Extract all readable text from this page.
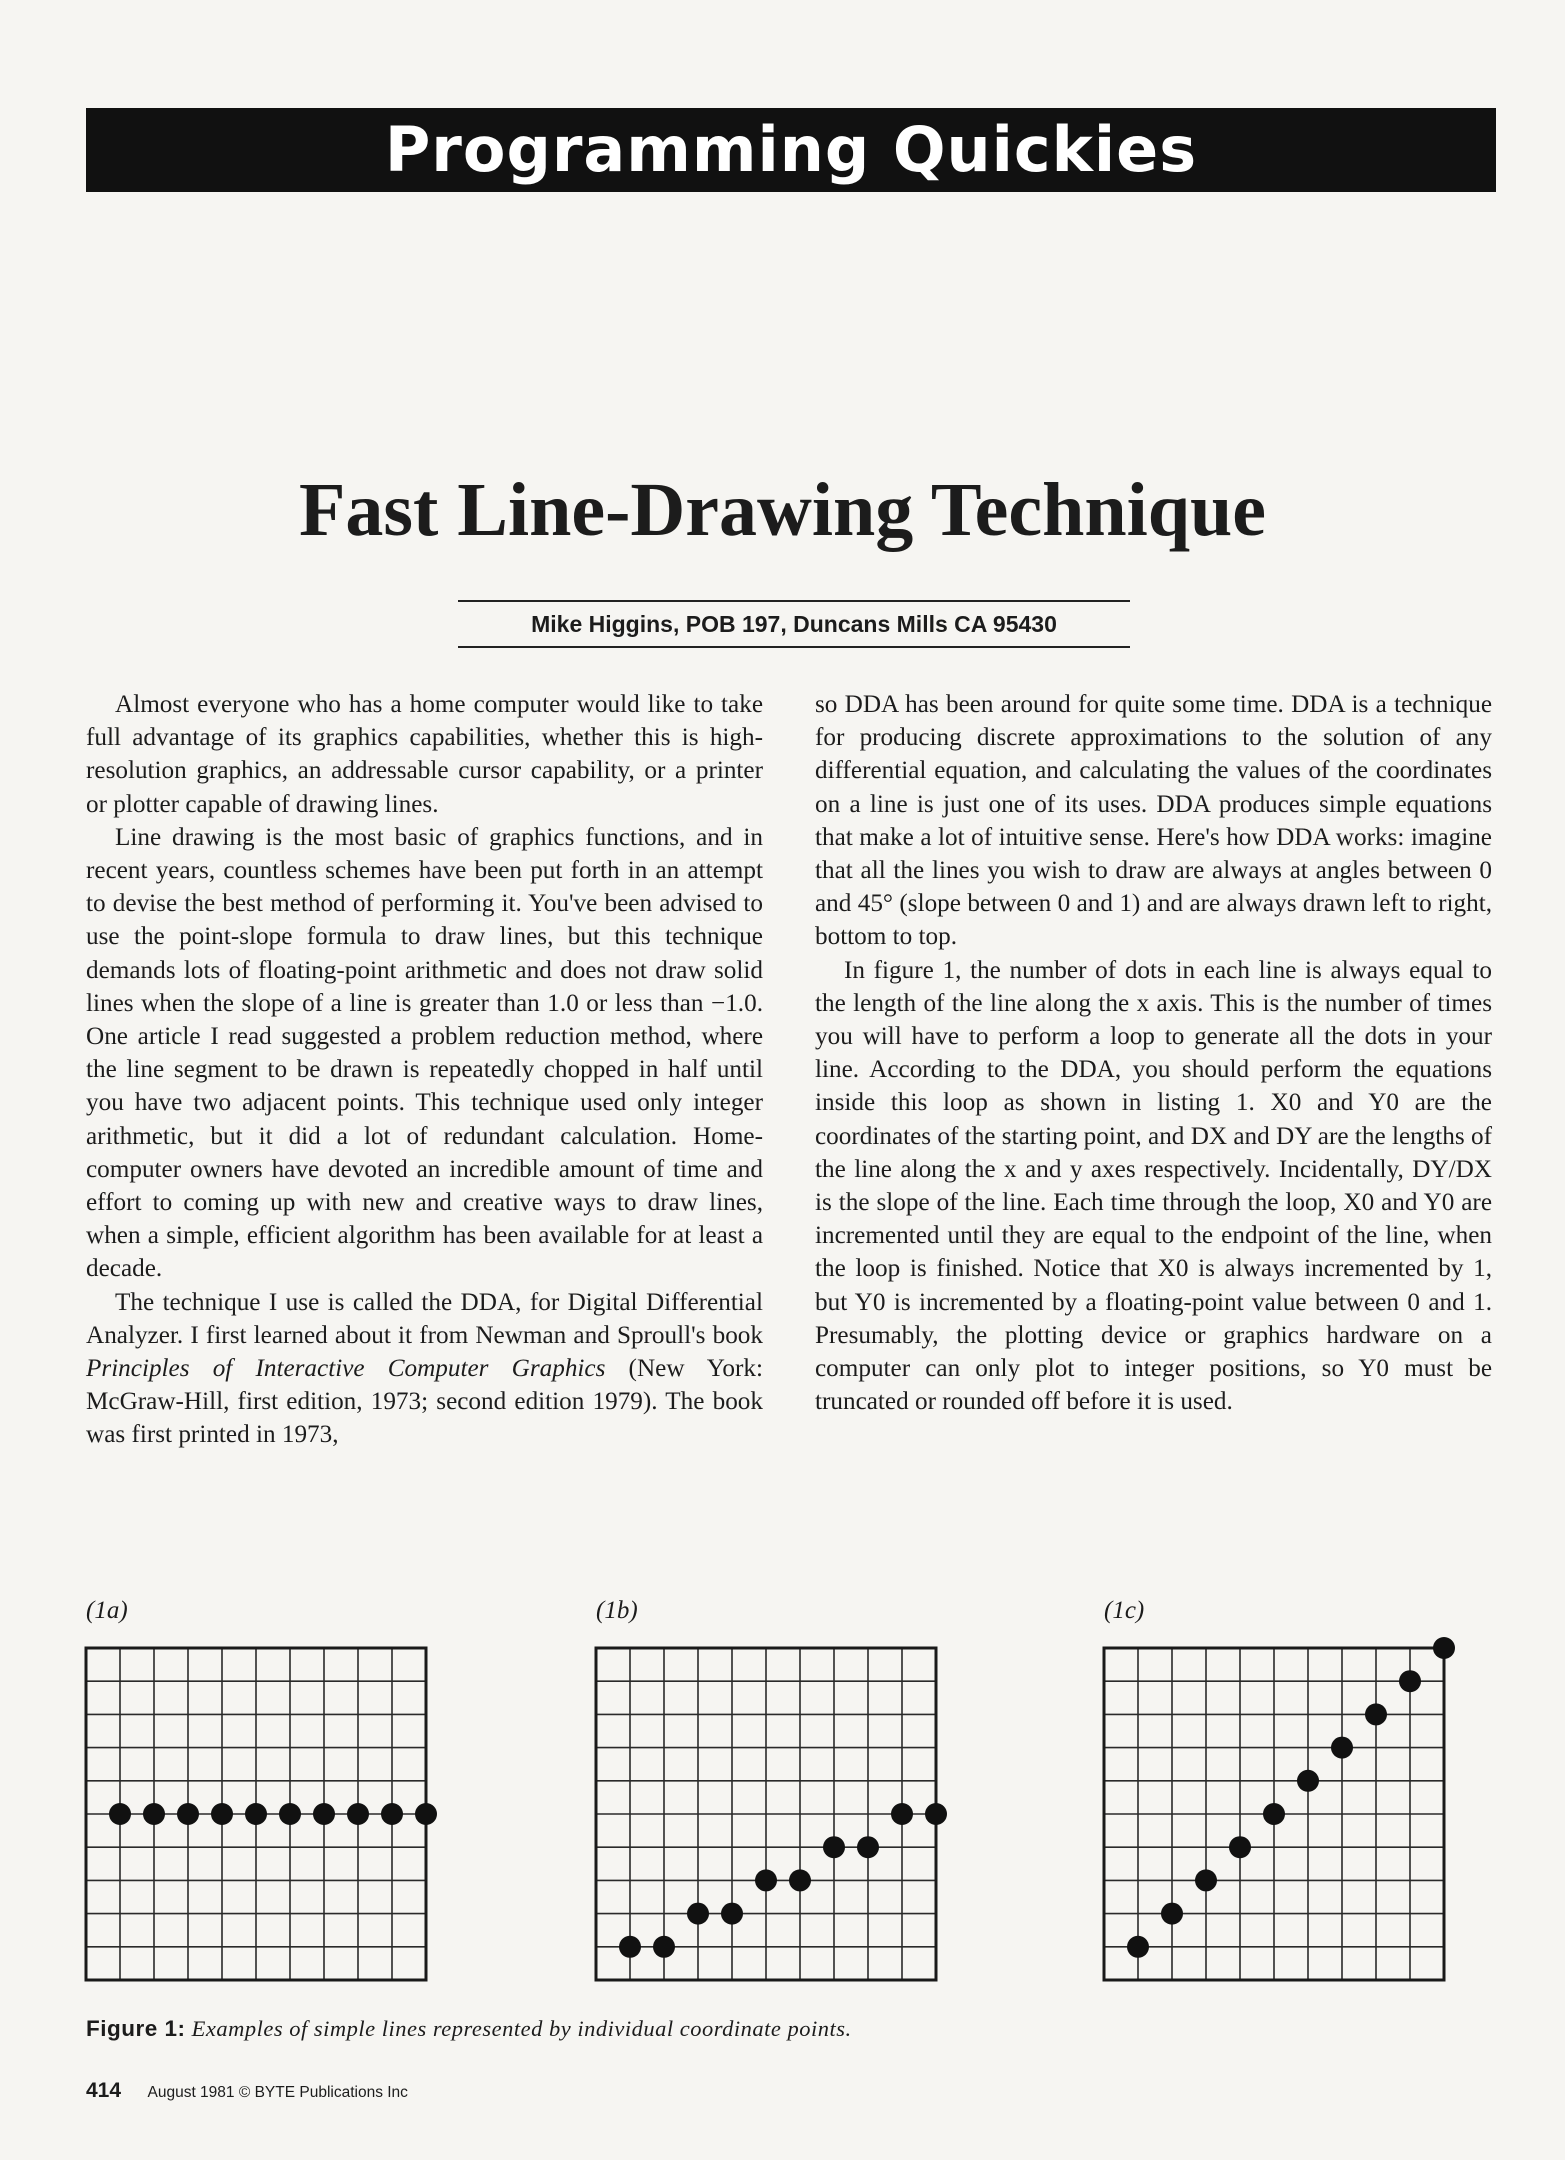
Programming Quickies
Fast Line-Drawing Technique
Mike Higgins, POB 197, Duncans Mills CA 95430

Almost everyone who has a home computer would like to take full advantage of its graphics capabilities, whether this is high-resolution graphics, an addressable cursor capability, or a printer or plotter capable of drawing lines.

Line drawing is the most basic of graphics functions, and in recent years, countless schemes have been put forth in an attempt to devise the best method of performing it. You've been advised to use the point-slope formula to draw lines, but this technique demands lots of floating-point arithmetic and does not draw solid lines when the slope of a line is greater than 1.0 or less than −1.0. One article I read suggested a problem reduction method, where the line segment to be drawn is repeatedly chopped in half until you have two adjacent points. This technique used only integer arithmetic, but it did a lot of redundant calculation. Home-computer owners have devoted an incredible amount of time and effort to coming up with new and creative ways to draw lines, when a simple, efficient algorithm has been available for at least a decade.

The technique I use is called the DDA, for Digital Differential Analyzer. I first learned about it from Newman and Sproull's book Principles of Interactive Computer Graphics (New York: McGraw-Hill, first edition, 1973; second edition 1979). The book was first printed in 1973,

so DDA has been around for quite some time. DDA is a technique for producing discrete approximations to the solution of any differential equation, and calculating the values of the coordinates on a line is just one of its uses. DDA produces simple equations that make a lot of intuitive sense. Here's how DDA works: imagine that all the lines you wish to draw are always at angles between 0 and 45° (slope between 0 and 1) and are always drawn left to right, bottom to top.

In figure 1, the number of dots in each line is always equal to the length of the line along the x axis. This is the number of times you will have to perform a loop to generate all the dots in your line. According to the DDA, you should perform the equations inside this loop as shown in listing 1. X0 and Y0 are the coordinates of the starting point, and DX and DY are the lengths of the line along the x and y axes respectively. Incidentally, DY/DX is the slope of the line. Each time through the loop, X0 and Y0 are incremented until they are equal to the endpoint of the line, when the loop is finished. Notice that X0 is always incremented by 1, but Y0 is incremented by a floating-point value between 0 and 1. Presumably, the plotting device or graphics hardware on a computer can only plot to integer positions, so Y0 must be truncated or rounded off before it is used.

(1a)	(1b)	(1c)
Figure 1: Examples of simple lines represented by individual coordinate points.
414 August 1981 © BYTE Publications Inc
